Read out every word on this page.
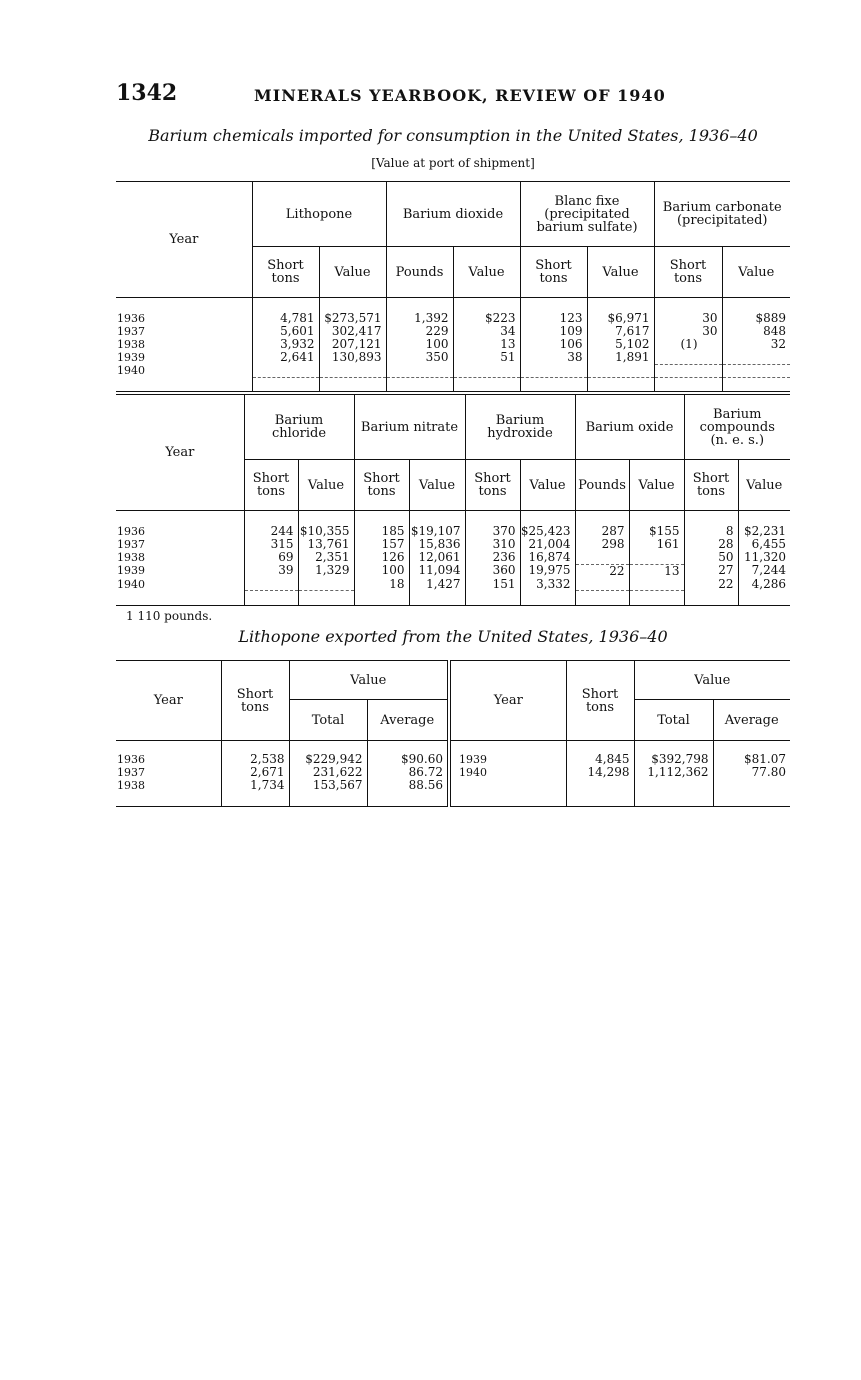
1342	MINERALS YEARBOOK, REVIEW OF 1940
Barium chemicals imported for consumption in the United States, 1936–40
[Value at port of shipment]
Year	Lithopone		Barium dioxide		Blanc fixe (precipitated barium sulfate)		Barium carbonate (precipitated)	
	Short tons	Value	Pounds	Value	Short tons	Value	Short tons	Value

1936	4,781	$273,571	1,392	$223	123	$6,971	30	$889
1937	5,601	302,417	229	34	109	7,617	30	848
1938	3,932	207,121	100	13	106	5,102	(1)	32
1939	2,641	130,893	350	51	38	1,891		
1940								

Year	Barium chloride		Barium nitrate		Barium hydroxide		Barium oxide		Barium compounds (n. e. s.)	
	Short tons	Value	Short tons	Value	Short tons	Value	Pounds	Value	Short tons	Value

1936	244	$10,355	185	$19,107	370	$25,423	287	$155	8	$2,231
1937	315	13,761	157	15,836	310	21,004	298	161	28	6,455
1938	69	2,351	126	12,061	236	16,874			50	11,320
1939	39	1,329	100	11,094	360	19,975	22	13	27	7,244
1940			18	1,427	151	3,332			22	4,286

1 110 pounds.
Lithopone exported from the United States, 1936–40
Year	Short tons	Value		Year	Short tons	Value	
		Total	Average			Total	Average

1936	2,538	$229,942	$90.60	1939	4,845	$392,798	$81.07
1937	2,671	231,622	86.72	1940	14,298	1,112,362	77.80
1938	1,734	153,567	88.56				
